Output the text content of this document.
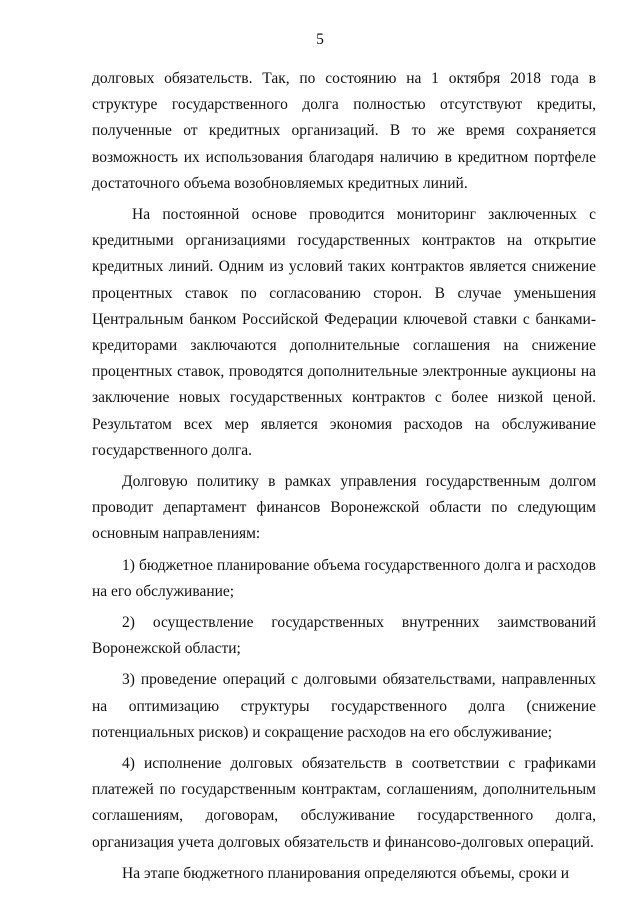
5

долговых обязательств. Так, по состоянию на 1 октября 2018 года в структуре государственного долга полностью отсутствуют кредиты, полученные от кредитных организаций. В то же время сохраняется возможность их использования благодаря наличию в кредитном портфеле достаточного объема возобновляемых кредитных линий.

На постоянной основе проводится мониторинг заключенных с кредитными организациями государственных контрактов на открытие кредитных линий. Одним из условий таких контрактов является снижение процентных ставок по согласованию сторон. В случае уменьшения Центральным банком Российской Федерации ключевой ставки с банками-кредиторами заключаются дополнительные соглашения на снижение процентных ставок, проводятся дополнительные электронные аукционы на заключение новых государственных контрактов с более низкой ценой. Результатом всех мер является экономия расходов на обслуживание государственного долга.

Долговую политику в рамках управления государственным долгом проводит департамент финансов Воронежской области по следующим основным направлениям:

1) бюджетное планирование объема государственного долга и расходов на его обслуживание;

2) осуществление государственных внутренних заимствований Воронежской области;

3) проведение операций с долговыми обязательствами, направленных на оптимизацию структуры государственного долга (снижение потенциальных рисков) и сокращение расходов на его обслуживание;

4) исполнение долговых обязательств в соответствии с графиками платежей по государственным контрактам, соглашениям, дополнительным соглашениям, договорам, обслуживание государственного долга, организация учета долговых обязательств и финансово-долговых операций.

На этапе бюджетного планирования определяются объемы, сроки и
